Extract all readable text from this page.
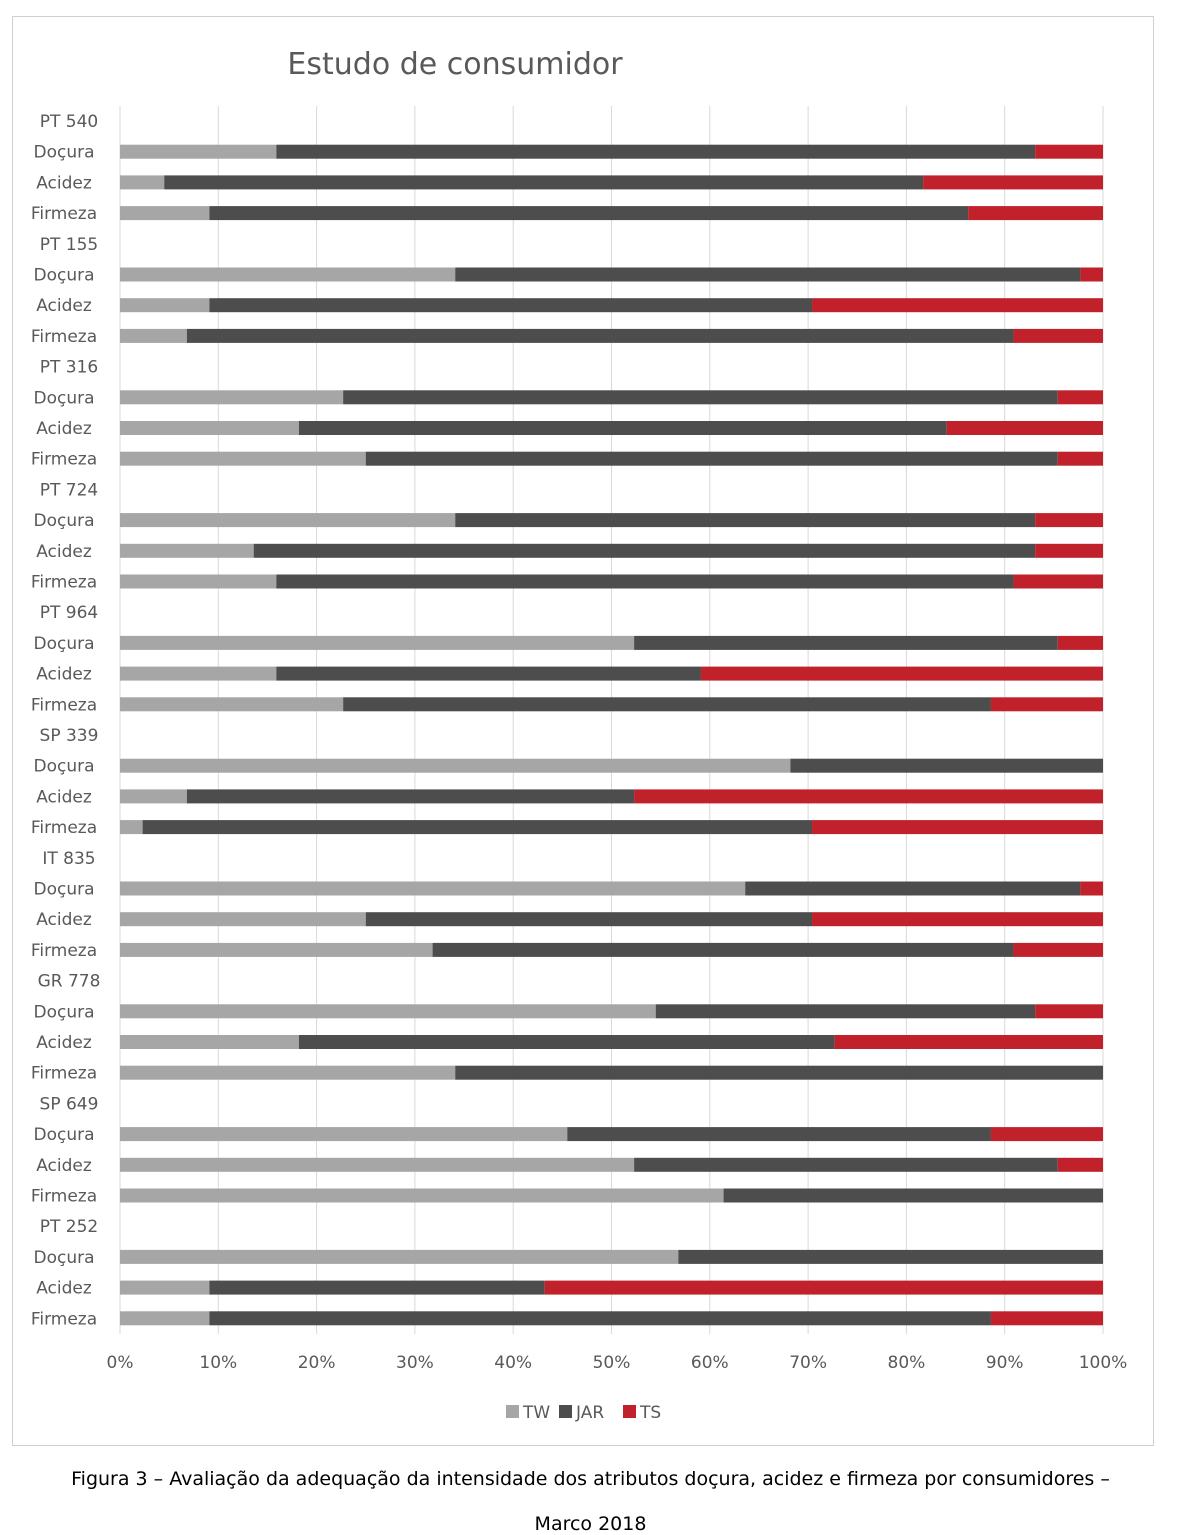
PT 540
Doçura
Acidez
Firmeza
PT 155
Doçura
Acidez
Firmeza
PT 316
Doçura
Acidez
Firmeza
PT 724
Doçura
Acidez
Firmeza
PT 964
Doçura
Acidez
Firmeza
SP 339
Doçura
Acidez
Firmeza
IT 835
Doçura
Acidez
Firmeza
GR 778
Doçura
Acidez
Firmeza
SP 649
Doçura
Acidez
Firmeza
PT 252
Doçura
Acidez
Firmeza
0%	10%	20%	30%	40%	50%	60%	70%	80%	90%	100%
TW JAR TS
Estudo de consumidor
Figura 3 – Avaliação da adequação da intensidade dos atributos doçura, acidez e firmeza por consumidores –
Marco 2018
